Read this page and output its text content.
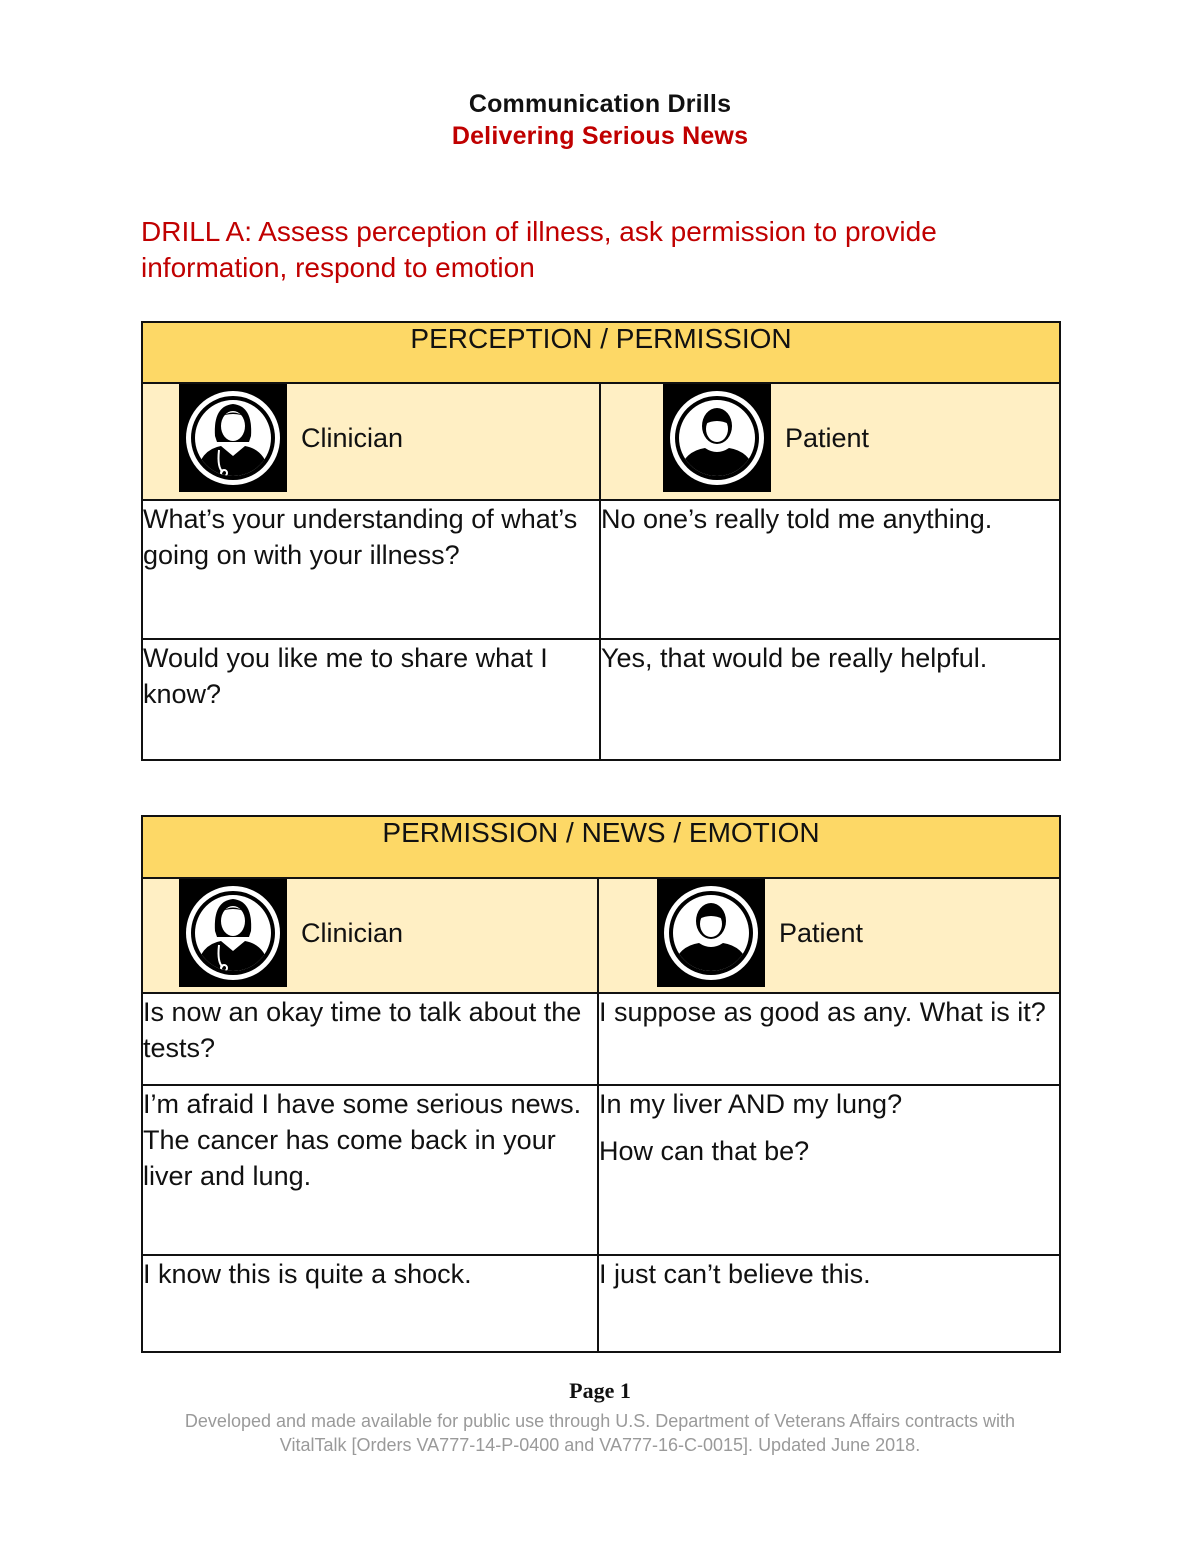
Communication Drills
Delivering Serious News
DRILL A: Assess perception of illness, ask permission to provide information, respond to emotion
PERCEPTION / PERMISSION	

Clinician	Patient

What’s your understanding of what’s going on with your illness?	No one’s really told me anything.

Would you like me to share what I know?	Yes, that would be really helpful.

PERMISSION / NEWS / EMOTION	

Clinician	Patient

Is now an okay time to talk about the tests?	I suppose as good as any. What is it?

I’m afraid I have some serious news. The cancer has come back in your liver and lung.	In my liver AND my lung?

How can that be?

I know this is quite a shock.	I just can’t believe this.

Page 1
Developed and made available for public use through U.S. Department of Veterans Affairs contracts with
VitalTalk [Orders VA777-14-P-0400 and VA777-16-C-0015]. Updated June 2018.
